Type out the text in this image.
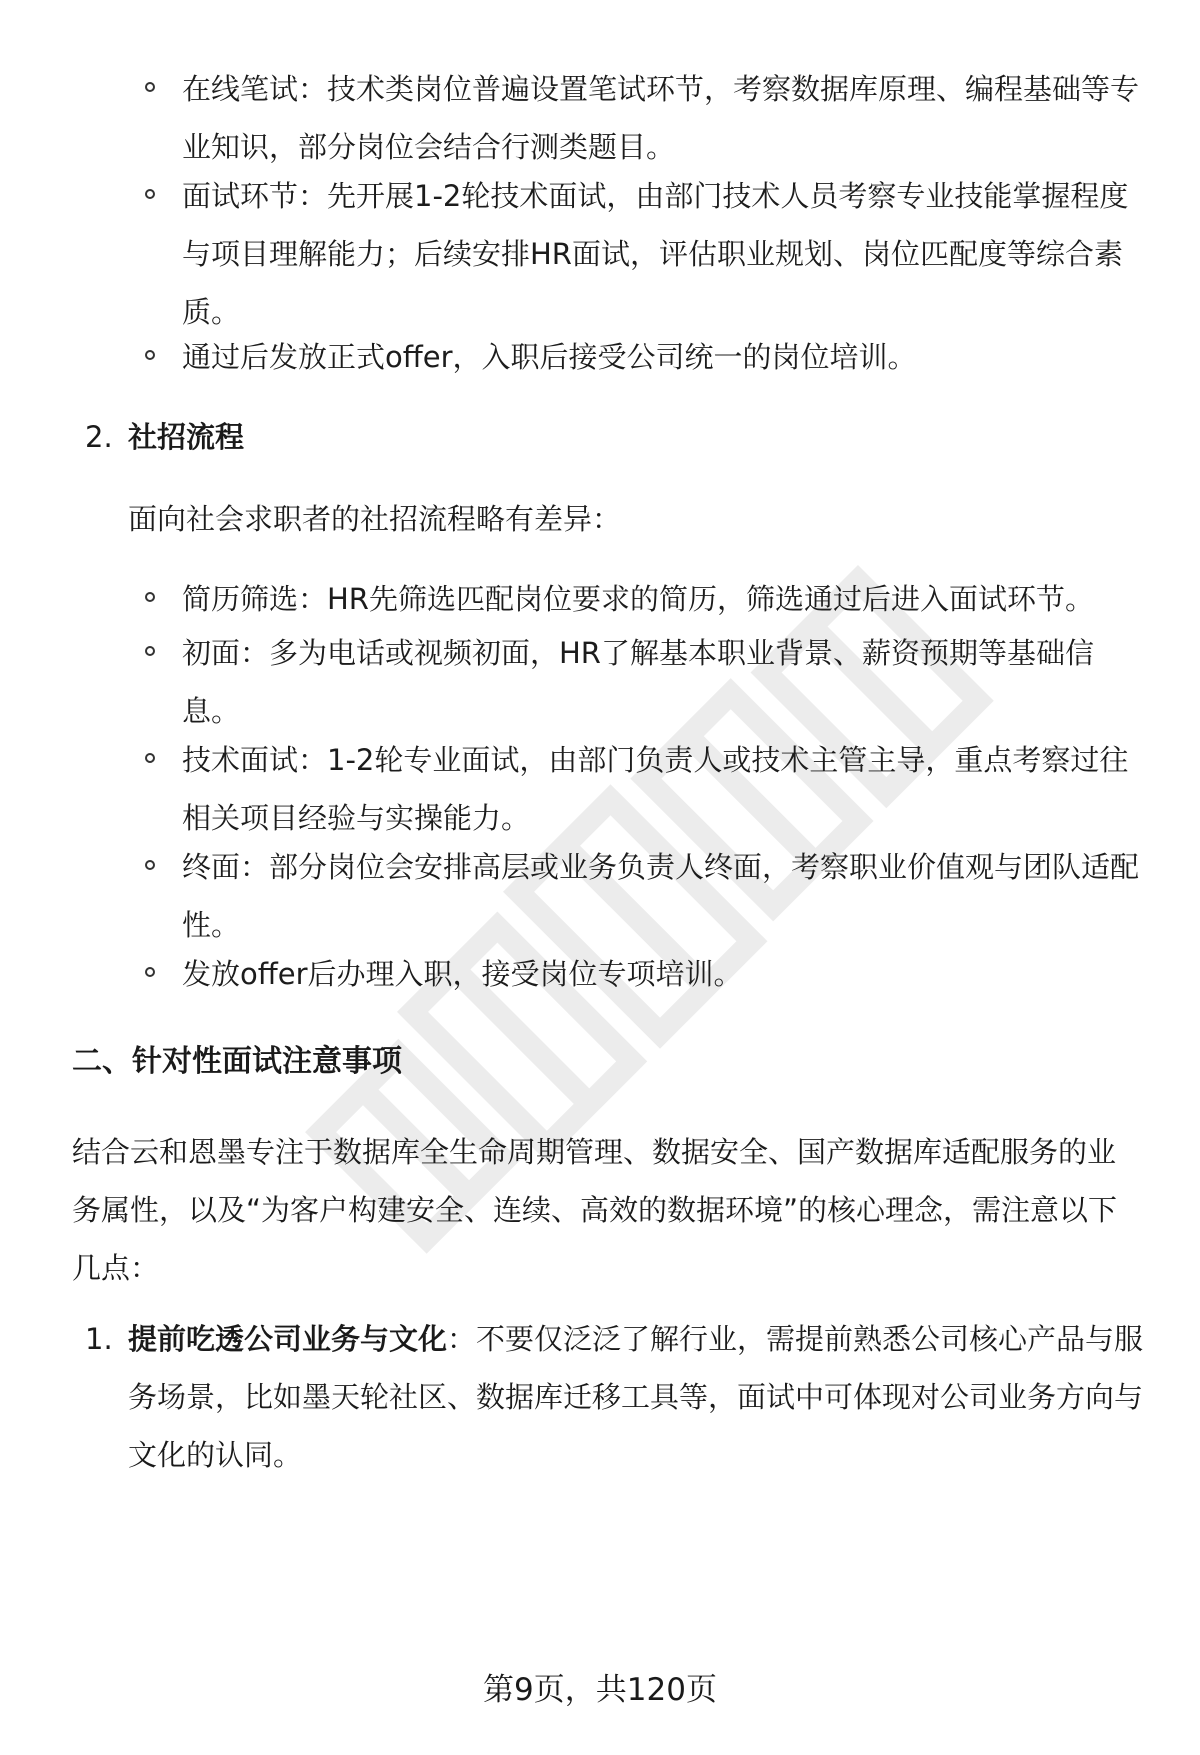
在线笔试：技术类岗位普遍设置笔试环节，考察数据库原理、编程基础等专业知识，部分岗位会结合行测类题目。
面试环节：先开展1-2轮技术面试，由部门技术人员考察专业技能掌握程度与项目理解能力；后续安排HR面试，评估职业规划、岗位匹配度等综合素质。
通过后发放正式offer，入职后接受公司统一的岗位培训。
2. 社招流程
面向社会求职者的社招流程略有差异：
简历筛选：HR先筛选匹配岗位要求的简历，筛选通过后进入面试环节。
初面：多为电话或视频初面，HR了解基本职业背景、薪资预期等基础信息。
技术面试：1-2轮专业面试，由部门负责人或技术主管主导，重点考察过往相关项目经验与实操能力。
终面：部分岗位会安排高层或业务负责人终面，考察职业价值观与团队适配性。
发放offer后办理入职，接受岗位专项培训。
二、针对性面试注意事项
结合云和恩墨专注于数据库全生命周期管理、数据安全、国产数据库适配服务的业务属性，以及“为客户构建安全、连续、高效的数据环境”的核心理念，需注意以下几点：
1. 提前吃透公司业务与文化：不要仅泛泛了解行业，需提前熟悉公司核心产品与服务场景，比如墨天轮社区、数据库迁移工具等，面试中可体现对公司业务方向与文化的认同。
第9页，共120页
